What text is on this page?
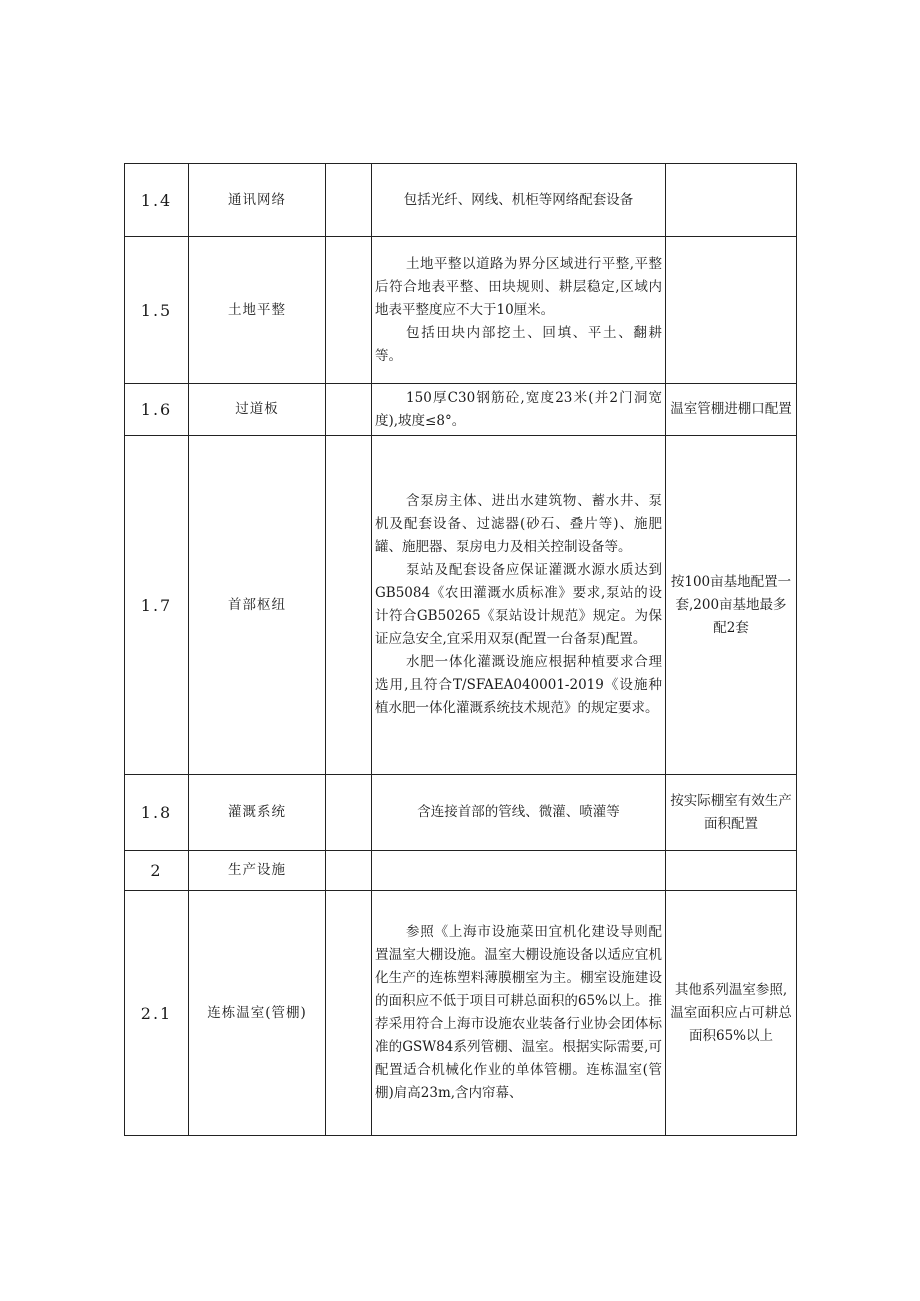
1.4	通讯网络		包括光纤、网线、机柜等网络配套设备	

1.5	土地平整		土地平整以道路为界分区域进行平整,平整后符合地表平整、田块规则、耕层稳定,区域内地表平整度应不大于10厘米。

包括田块内部挖土、回填、平土、翻耕等。	

1.6	过道板		150厚C30钢筋砼,宽度23米(并2门洞宽度),坡度≤8°。	温室管棚进棚口配置
1.7	首部枢纽		含泵房主体、进出水建筑物、蓄水井、泵机及配套设备、过滤器(砂石、叠片等)、施肥罐、施肥器、泵房电力及相关控制设备等。

泵站及配套设备应保证灌溉水源水质达到GB5084《农田灌溉水质标准》要求,泵站的设计符合GB50265《泵站设计规范》规定。为保证应急安全,宜采用双泵(配置一台备泵)配置。

水肥一体化灌溉设施应根据种植要求合理选用,且符合T/SFAEA040001-2019《设施种植水肥一体化灌溉系统技术规范》的规定要求。	按100亩基地配置一套,200亩基地最多配2套
1.8	灌溉系统		含连接首部的管线、微灌、喷灌等	按实际棚室有效生产面积配置
2	生产设施			
2.1	连栋温室(管棚)		参照《上海市设施菜田宜机化建设导则配置温室大棚设施。温室大棚设施设备以适应宜机化生产的连栋塑料薄膜棚室为主。棚室设施建设的面积应不低于项目可耕总面积的65%以上。推荐采用符合上海市设施农业装备行业协会团体标准的GSW84系列管棚、温室。根据实际需要,可配置适合机械化作业的单体管棚。连栋温室(管棚)肩高23m,含内帘幕、	其他系列温室参照,温室面积应占可耕总面积65%以上
